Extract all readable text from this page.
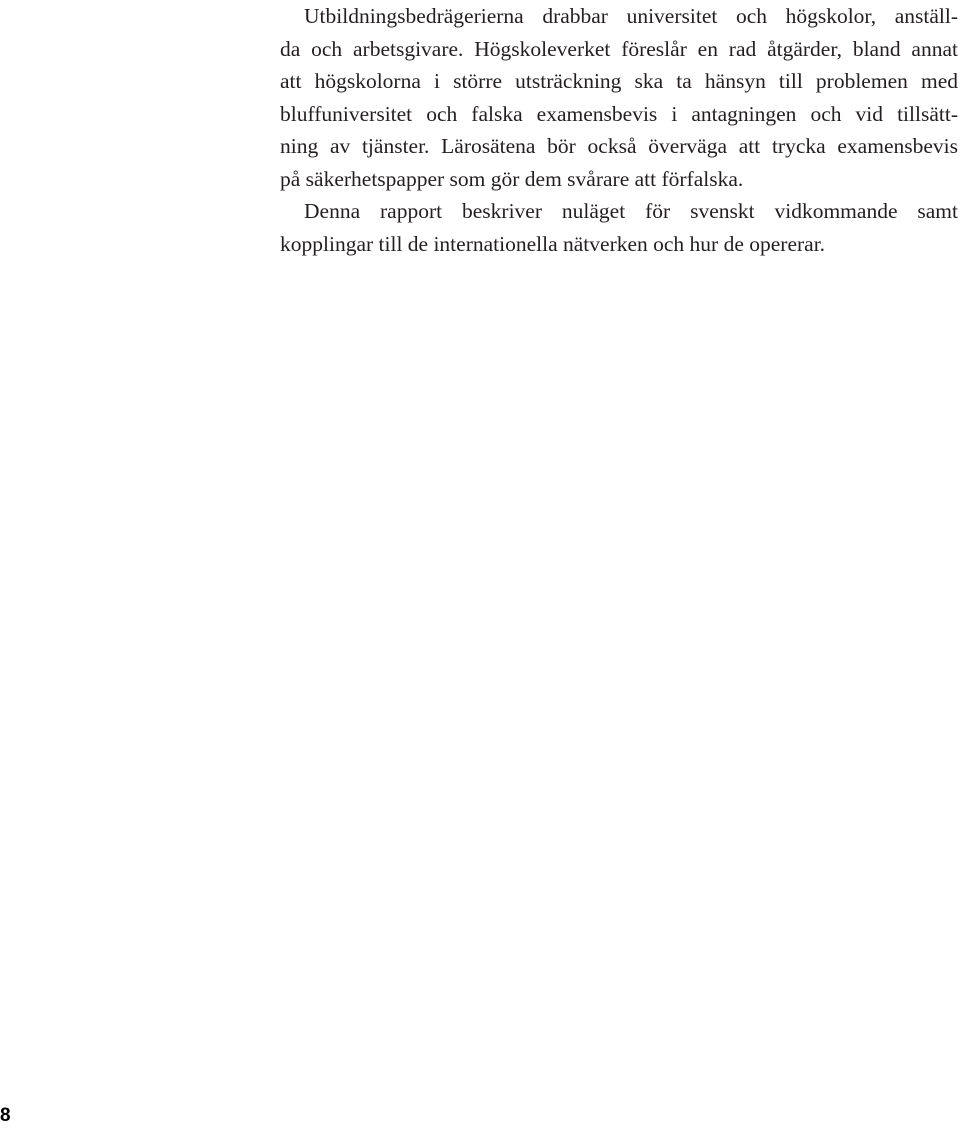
Utbildningsbedrägerierna drabbar universitet och högskolor, anställ-
da och arbetsgivare. Högskoleverket föreslår en rad åtgärder, bland annat
att högskolorna i större utsträckning ska ta hänsyn till problemen med
bluffuniversitet och falska examensbevis i antagningen och vid tillsätt-
ning av tjänster. Lärosätena bör också överväga att trycka examensbevis
på säkerhetspapper som gör dem svårare att förfalska.
Denna rapport beskriver nuläget för svenskt vidkommande samt
kopplingar till de internationella nätverken och hur de opererar.
8
